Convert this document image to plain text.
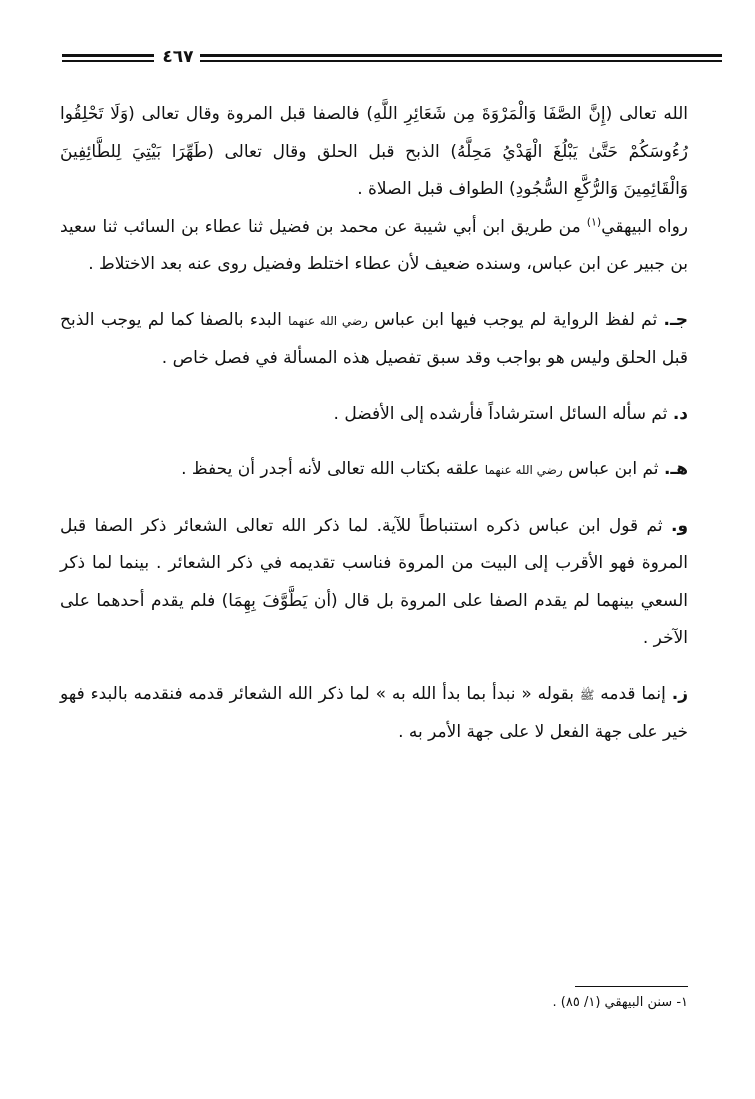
٤٦٧

الله تعالى (إِنَّ الصَّفَا وَالْمَرْوَةَ مِن شَعَائِرِ اللَّهِ) فالصفا قبل المروة وقال تعالى (وَلَا تَحْلِقُوا رُءُوسَكُمْ حَتَّىٰ يَبْلُغَ الْهَدْيُ مَحِلَّهُ) الذبح قبل الحلق وقال تعالى (طَهِّرَا بَيْتِيَ لِلطَّائِفِينَ وَالْقَائِمِينَ وَالرُّكَّعِ السُّجُودِ) الطواف قبل الصلاة .

رواه البيهقي$^{(١)}$ من طريق ابن أبي شيبة عن محمد بن فضيل ثنا عطاء بن السائب ثنا سعيد بن جبير عن ابن عباس، وسنده ضعيف لأن عطاء اختلط وفضيل روى عنه بعد الاختلاط .

جـ. ثم لفظ الرواية لم يوجب فيها ابن عباس رضي الله عنهما البدء بالصفا كما لم يوجب الذبح قبل الحلق وليس هو بواجب وقد سبق تفصيل هذه المسألة في فصل خاص .

د. ثم سأله السائل استرشاداً فأرشده إلى الأفضل .

هـ. ثم ابن عباس رضي الله عنهما علقه بكتاب الله تعالى لأنه أجدر أن يحفظ .

و. ثم قول ابن عباس ذكره استنباطاً للآية. لما ذكر الله تعالى الشعائر ذكر الصفا قبل المروة فهو الأقرب إلى البيت من المروة فناسب تقديمه في ذكر الشعائر . بينما لما ذكر السعي بينهما لم يقدم الصفا على المروة بل قال (أن يَطَّوَّفَ بِهِمَا) فلم يقدم أحدهما على الآخر .

ز. إنما قدمه ﷺ بقوله « نبدأ بما بدأ الله به » لما ذكر الله الشعائر قدمه فنقدمه بالبدء فهو خير على جهة الفعل لا على جهة الأمر به .

١- سنن البيهقي (١/ ٨٥) .
